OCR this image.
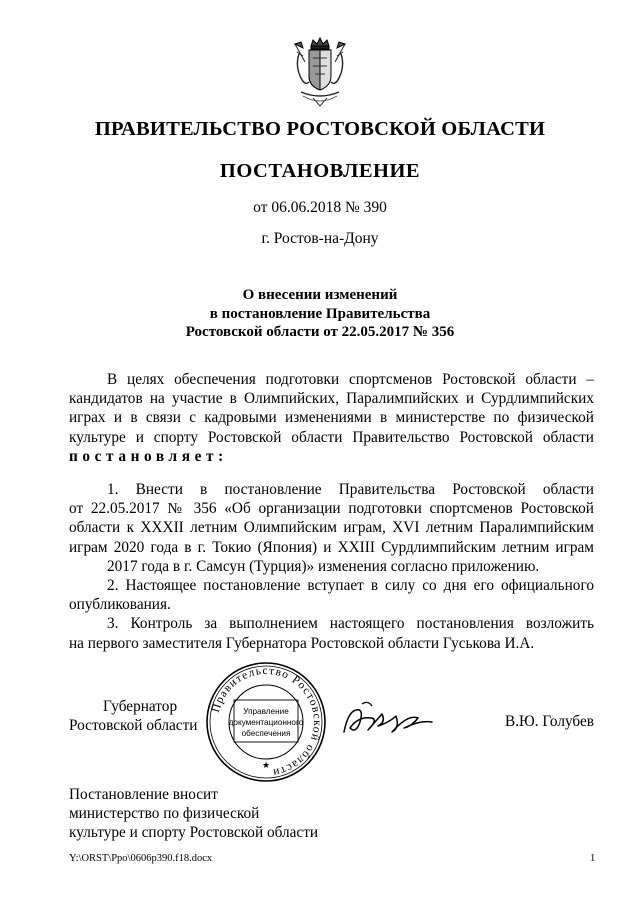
ПРАВИТЕЛЬСТВО РОСТОВСКОЙ ОБЛАСТИ
ПОСТАНОВЛЕНИЕ
от 06.06.2018 № 390
г. Ростов-на-Дону
О внесении изменений
в постановление Правительства
Ростовской области от 22.05.2017 № 356

В целях обеспечения подготовки спортсменов Ростовской области –

кандидатов на участие в Олимпийских, Паралимпийских и Сурдлимпийских

играх и в связи с кадровыми изменениями в министерстве по физической

культуре и спорту Ростовской области Правительство Ростовской области

постановляет:

1. Внести в постановление Правительства Ростовской области

от 22.05.2017 № 356 «Об организации подготовки спортсменов Ростовской

области к XXXII летним Олимпийским играм, XVI летним Паралимпийским

играм 2020 года в г. Токио (Япония) и XXIII Сурдлимпийским летним играм

2017 года в г. Самсун (Турция)» изменения согласно приложению.

2. Настоящее постановление вступает в силу со дня его официального

опубликования.

3. Контроль за выполнением настоящего постановления возложить

на первого заместителя Губернатора Ростовской области Гуськова И.А.

Губернатор
Ростовской области
Правительство Ростовской области
Управление
документационного
обеспечения
★
В.Ю. Голубев
Постановление вносит
министерство по физической
культуре и спорту Ростовской области
Y:\ORST\Ppo\0606p390.f18.docx	1
